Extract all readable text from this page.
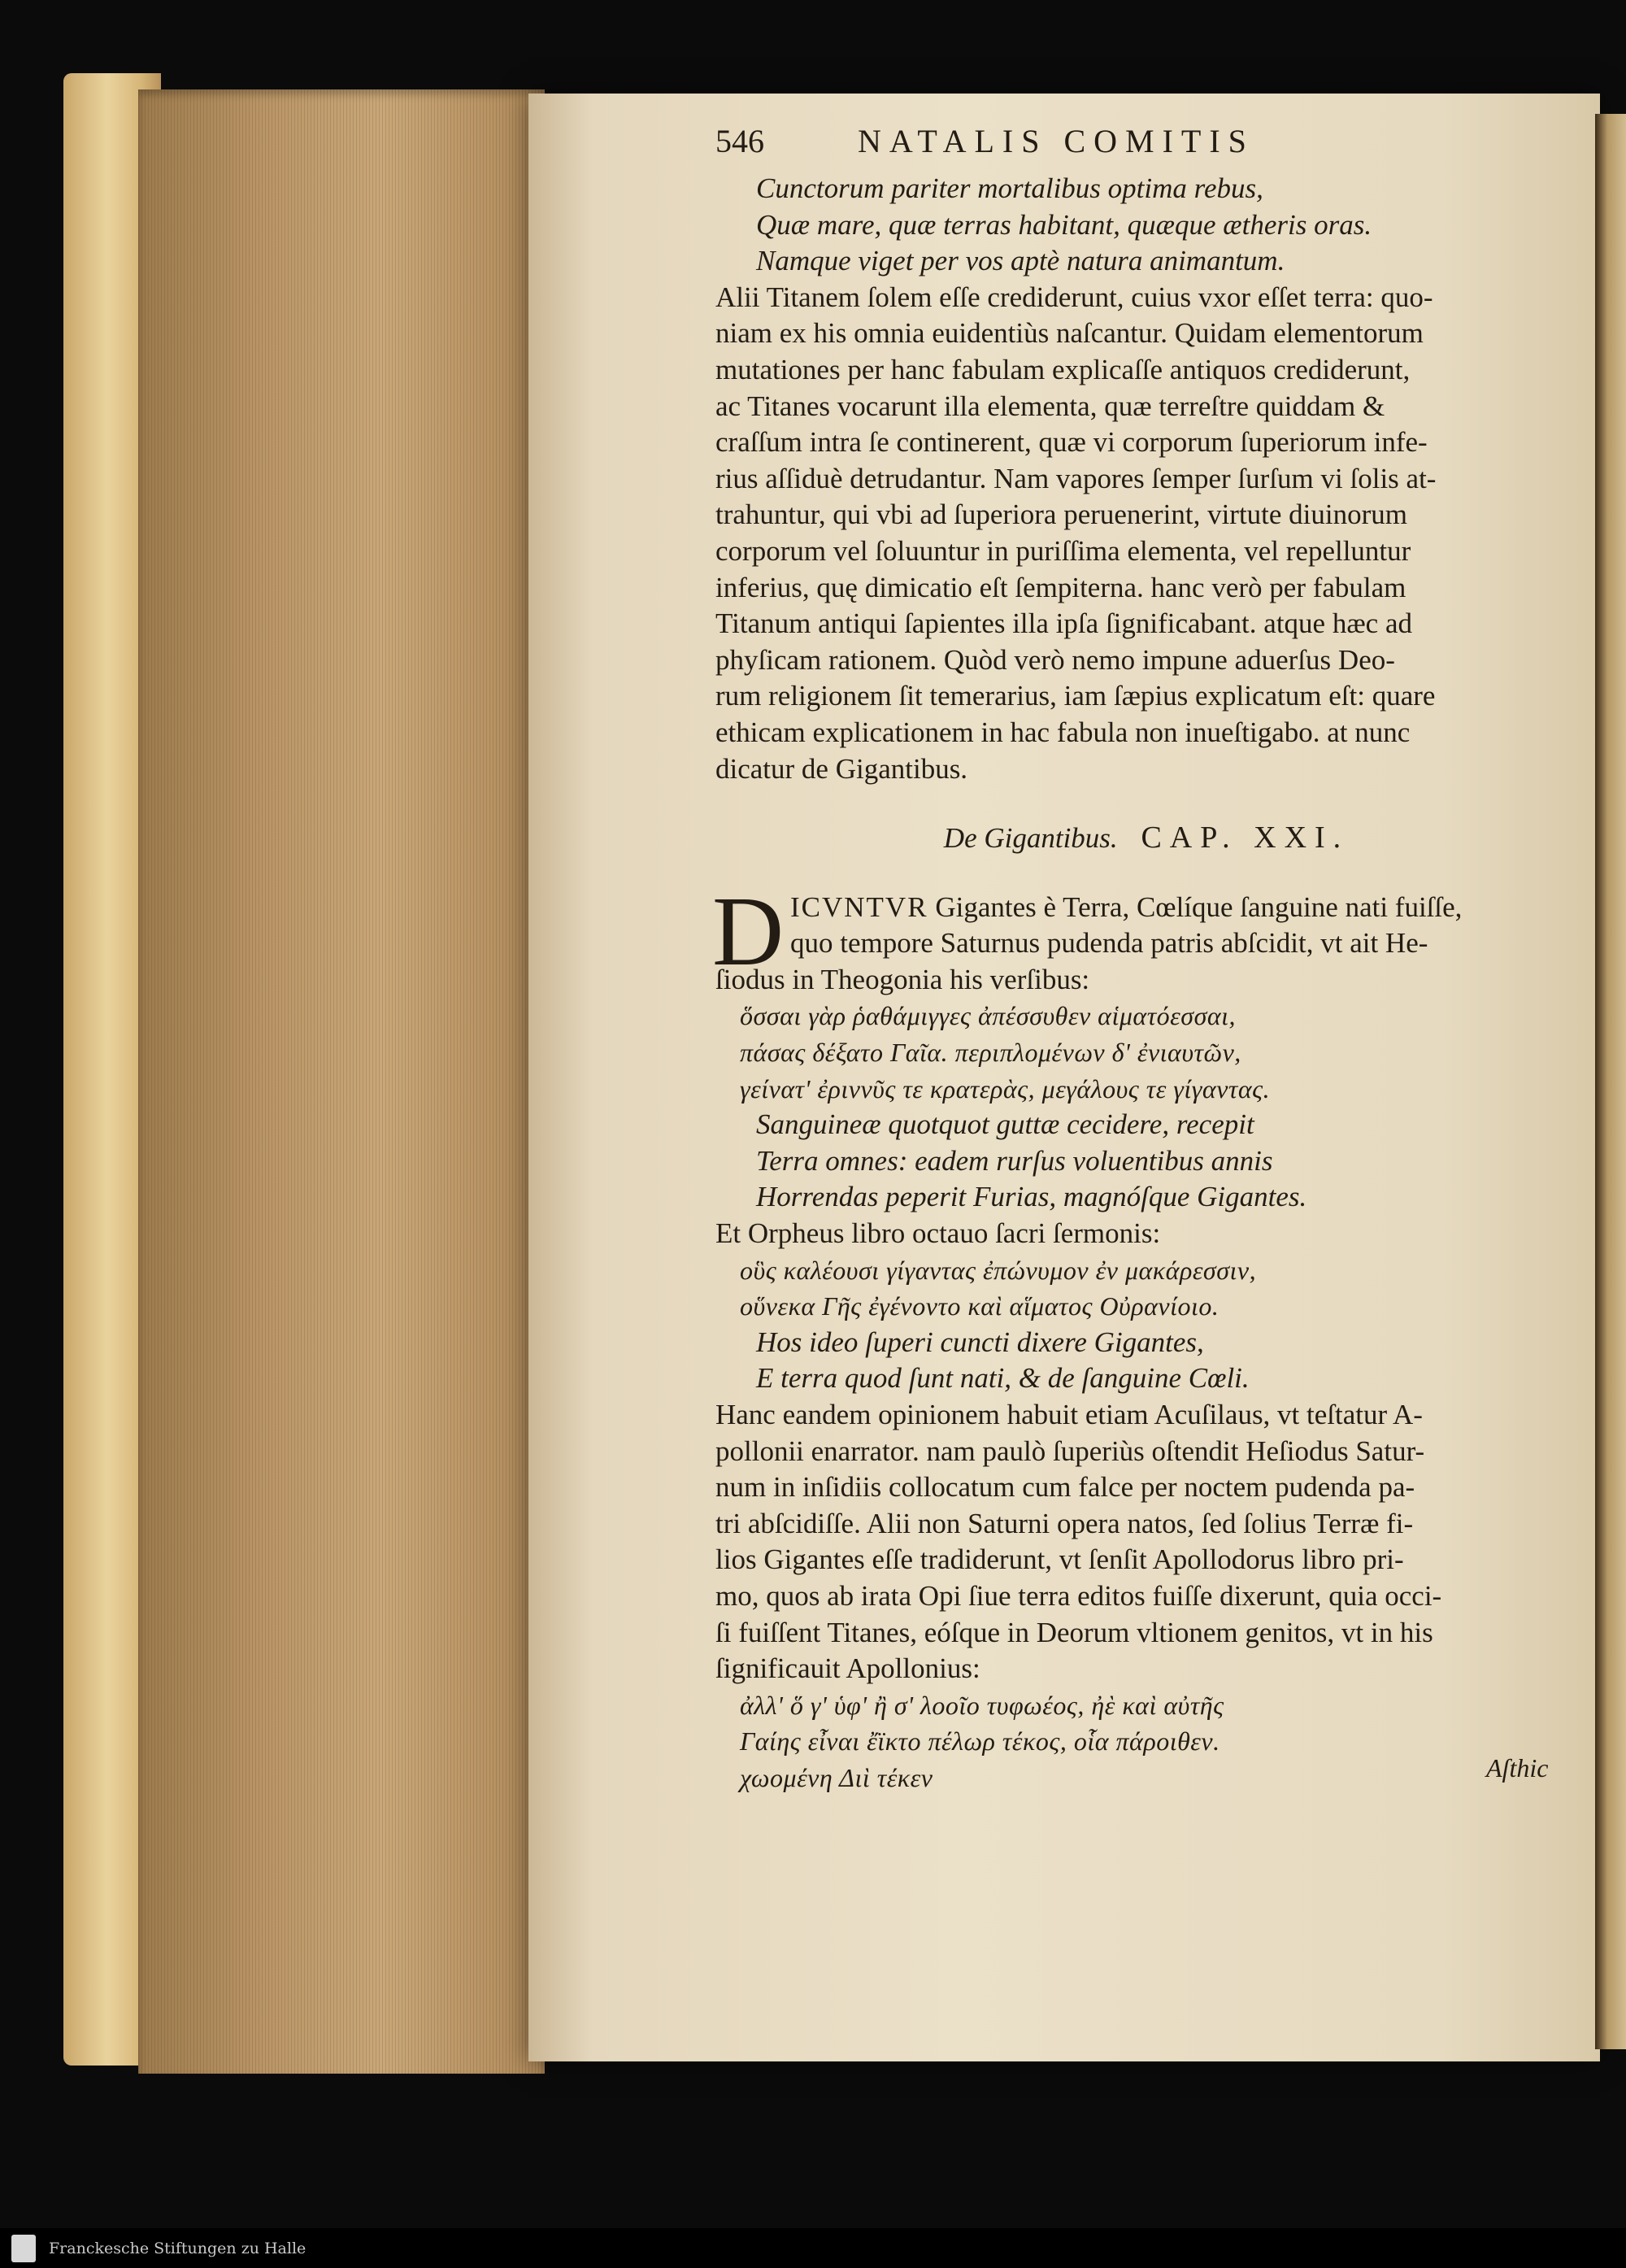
546	NATALIS COMITIS
Cunctorum pariter mortalibus optima rebus,
Quæ mare, quæ terras habitant, quæque ætheris oras.
Namque viget per vos aptè natura animantum.
Alii Titanem ſolem eſſe crediderunt, cuius vxor eſſet terra: quo-
niam ex his omnia euidentiùs naſcantur. Quidam elementorum
mutationes per hanc fabulam explicaſſe antiquos crediderunt,
ac Titanes vocarunt illa elementa, quæ terreſtre quiddam &
craſſum intra ſe continerent, quæ vi corporum ſuperiorum infe-
rius aſſiduè detrudantur. Nam vapores ſemper ſurſum vi ſolis at-
trahuntur, qui vbi ad ſuperiora peruenerint, virtute diuinorum
corporum vel ſoluuntur in puriſſima elementa, vel repelluntur
inferius, quę dimicatio eſt ſempiterna. hanc verò per fabulam
Titanum antiqui ſapientes illa ipſa ſignificabant. atque hæc ad
phyſicam rationem. Quòd verò nemo impune aduerſus Deo-
rum religionem ſit temerarius, iam ſæpius explicatum eſt: quare
ethicam explicationem in hac fabula non inueſtigabo. at nunc
dicatur de Gigantibus.
De Gigantibus. CAP. XXI.
D ICVNTVR Gigantes è Terra, Cœlíque ſanguine nati fuiſſe,
quo tempore Saturnus pudenda patris abſcidit, vt ait He-
ſiodus in Theogonia his verſibus:
ὅσσαι γὰρ ῥαθάμιγγες ἀπέσσυθεν αἱματόεσσαι,
πάσας δέξατο Γαῖα. περιπλομένων δ' ἐνιαυτῶν,
γείνατ' ἐριννῦς τε κρατερὰς, μεγάλους τε γίγαντας.
Sanguineæ quotquot guttæ cecidere, recepit
Terra omnes: eadem rurſus voluentibus annis
Horrendas peperit Furias, magnóſque Gigantes.
Et Orpheus libro octauo ſacri ſermonis:
οὓς καλέουσι γίγαντας ἐπώνυμον ἐν μακάρεσσιν,
οὕνεκα Γῆς ἐγένοντο καὶ αἵματος Οὐρανίοιο.
Hos ideo ſuperi cuncti dixere Gigantes,
E terra quod ſunt nati, & de ſanguine Cœli.
Hanc eandem opinionem habuit etiam Acuſilaus, vt teſtatur A-
pollonii enarrator. nam paulò ſuperiùs oſtendit Heſiodus Satur-
num in inſidiis collocatum cum falce per noctem pudenda pa-
tri abſcidiſſe. Alii non Saturni opera natos, ſed ſolius Terræ fi-
lios Gigantes eſſe tradiderunt, vt ſenſit Apollodorus libro pri-
mo, quos ab irata Opi ſiue terra editos fuiſſe dixerunt, quia occi-
ſi fuiſſent Titanes, eóſque in Deorum vltionem genitos, vt in his
ſignificauit Apollonius:
ἀλλ' ὅ γ' ὑφ' ἢ σ' λοοῖο τυφωέος, ἠὲ καὶ αὐτῆς
Γαίης εἶναι ἔϊκτο πέλωρ τέκος, οἷα πάροιθεν.
χωομένη Διὶ τέκεν	Aſthic
Franckesche Stiftungen zu Halle
